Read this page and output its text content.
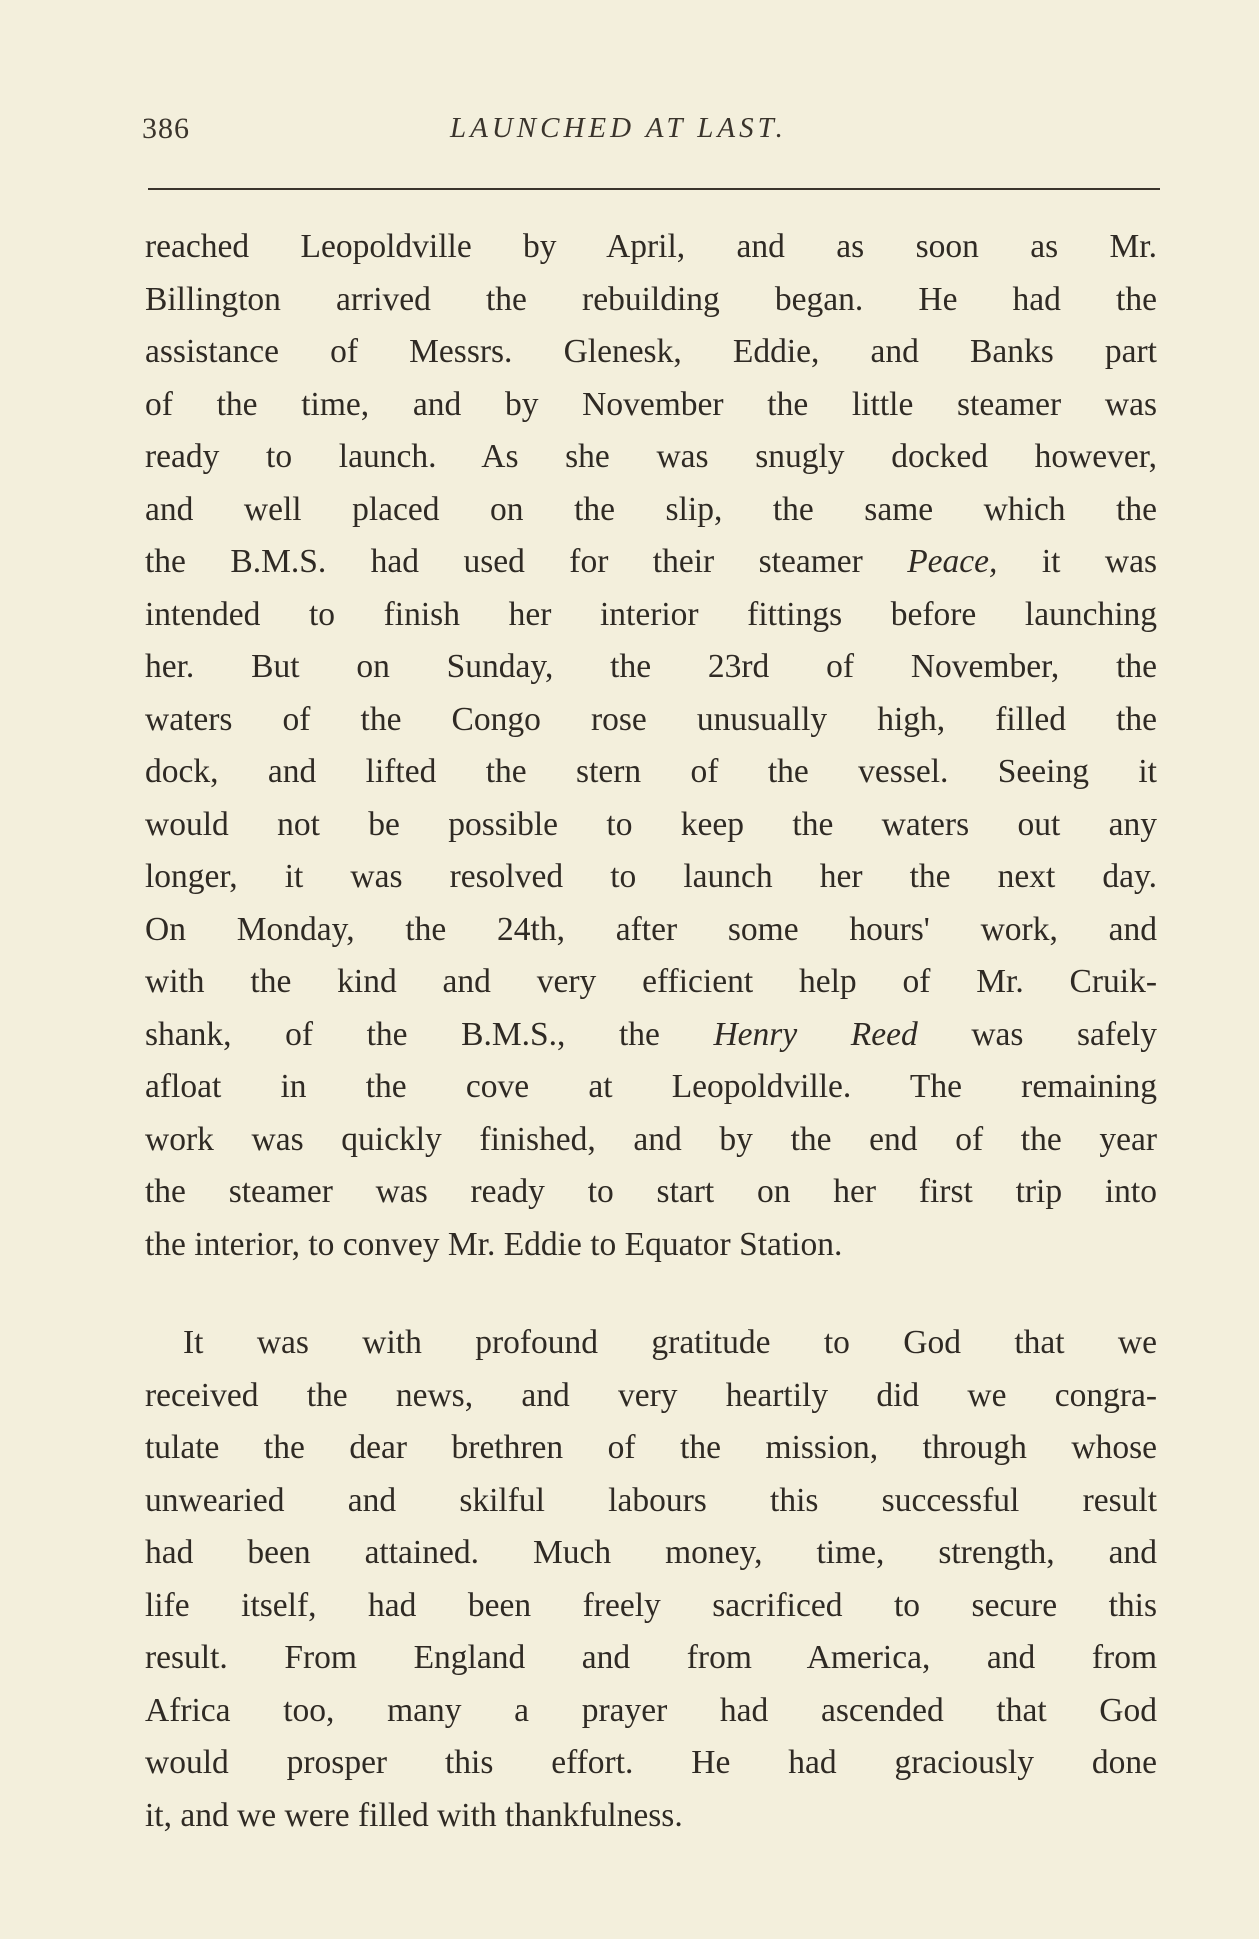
386	LAUNCHED AT LAST.
reached Leopoldville by April, and as soon as Mr.
Billington arrived the rebuilding began. He had the
assistance of Messrs. Glenesk, Eddie, and Banks part
of the time, and by November the little steamer was
ready to launch. As she was snugly docked however,
and well placed on the slip, the same which the
the B.M.S. had used for their steamer Peace, it was
intended to finish her interior fittings before launching
her. But on Sunday, the 23rd of November, the
waters of the Congo rose unusually high, filled the
dock, and lifted the stern of the vessel. Seeing it
would not be possible to keep the waters out any
longer, it was resolved to launch her the next day.
On Monday, the 24th, after some hours' work, and
with the kind and very efficient help of Mr. Cruik-
shank, of the B.M.S., the Henry Reed was safely
afloat in the cove at Leopoldville. The remaining
work was quickly finished, and by the end of the year
the steamer was ready to start on her first trip into
the interior, to convey Mr. Eddie to Equator Station.
It was with profound gratitude to God that we
received the news, and very heartily did we congra-
tulate the dear brethren of the mission, through whose
unwearied and skilful labours this successful result
had been attained. Much money, time, strength, and
life itself, had been freely sacrificed to secure this
result. From England and from America, and from
Africa too, many a prayer had ascended that God
would prosper this effort. He had graciously done
it, and we were filled with thankfulness.
